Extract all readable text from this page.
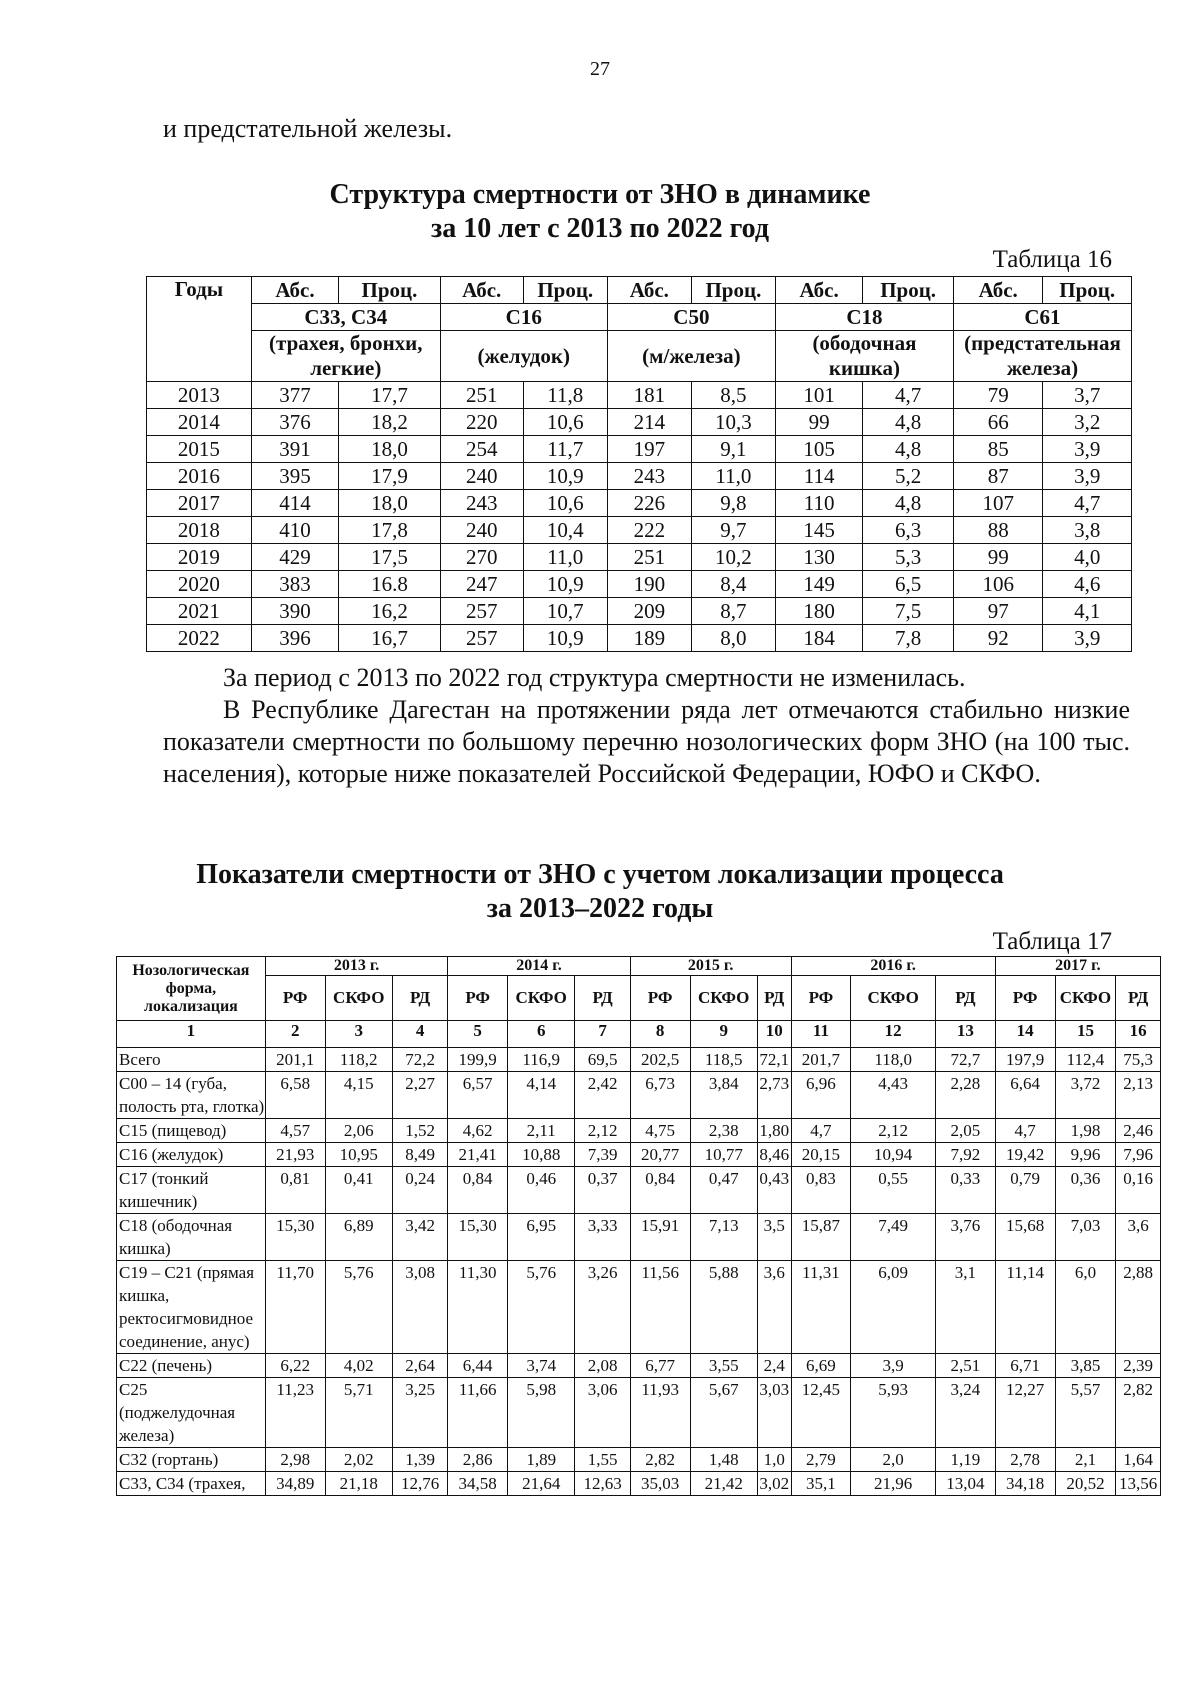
27
и предстательной железы.
Структура смертности от ЗНО в динамике
за 10 лет с 2013 по 2022 год
Таблица 16
Годы	Абс.	Проц.	Абс.	Проц.	Абс.	Проц.	Абс.	Проц.	Абс.	Проц.
	С33, С34		С16		С50		С18		С61	
	(трахея, бронхи, легкие)		(желудок)		(м/железа)		(ободочная кишка)		(предстательная железа)	
2013	377	17,7	251	11,8	181	8,5	101	4,7	79	3,7
2014	376	18,2	220	10,6	214	10,3	99	4,8	66	3,2
2015	391	18,0	254	11,7	197	9,1	105	4,8	85	3,9
2016	395	17,9	240	10,9	243	11,0	114	5,2	87	3,9
2017	414	18,0	243	10,6	226	9,8	110	4,8	107	4,7
2018	410	17,8	240	10,4	222	9,7	145	6,3	88	3,8
2019	429	17,5	270	11,0	251	10,2	130	5,3	99	4,0
2020	383	16.8	247	10,9	190	8,4	149	6,5	106	4,6
2021	390	16,2	257	10,7	209	8,7	180	7,5	97	4,1
2022	396	16,7	257	10,9	189	8,0	184	7,8	92	3,9

За период с 2013 по 2022 год структура смертности не изменилась.

В Республике Дагестан на протяжении ряда лет отмечаются стабильно низкие показатели смертности по большому перечню нозологических форм ЗНО (на 100 тыс. населения), которые ниже показателей Российской Федерации, ЮФО и СКФО.

Показатели смертности от ЗНО с учетом локализации процесса
за 2013–2022 годы
Таблица 17
Нозологическая форма, локализация	2013 г.			2014 г.			2015 г.			2016 г.			2017 г.		
	РФ	СКФО	РД	РФ	СКФО	РД	РФ	СКФО	РД	РФ	СКФО	РД	РФ	СКФО	РД
1	2	3	4	5	6	7	8	9	10	11	12	13	14	15	16
Всего	201,1	118,2	72,2	199,9	116,9	69,5	202,5	118,5	72,1	201,7	118,0	72,7	197,9	112,4	75,3
С00 – 14 (губа, полость рта, глотка)	6,58	4,15	2,27	6,57	4,14	2,42	6,73	3,84	2,73	6,96	4,43	2,28	6,64	3,72	2,13
С15 (пищевод)	4,57	2,06	1,52	4,62	2,11	2,12	4,75	2,38	1,80	4,7	2,12	2,05	4,7	1,98	2,46
С16 (желудок)	21,93	10,95	8,49	21,41	10,88	7,39	20,77	10,77	8,46	20,15	10,94	7,92	19,42	9,96	7,96
С17 (тонкий кишечник)	0,81	0,41	0,24	0,84	0,46	0,37	0,84	0,47	0,43	0,83	0,55	0,33	0,79	0,36	0,16
С18 (ободочная кишка)	15,30	6,89	3,42	15,30	6,95	3,33	15,91	7,13	3,5	15,87	7,49	3,76	15,68	7,03	3,6
С19 – С21 (прямая кишка, ректосигмовидное соединение, анус)	11,70	5,76	3,08	11,30	5,76	3,26	11,56	5,88	3,6	11,31	6,09	3,1	11,14	6,0	2,88
С22 (печень)	6,22	4,02	2,64	6,44	3,74	2,08	6,77	3,55	2,4	6,69	3,9	2,51	6,71	3,85	2,39
С25 (поджелудочная железа)	11,23	5,71	3,25	11,66	5,98	3,06	11,93	5,67	3,03	12,45	5,93	3,24	12,27	5,57	2,82
С32 (гортань)	2,98	2,02	1,39	2,86	1,89	1,55	2,82	1,48	1,0	2,79	2,0	1,19	2,78	2,1	1,64
С33, С34 (трахея,	34,89	21,18	12,76	34,58	21,64	12,63	35,03	21,42	3,02	35,1	21,96	13,04	34,18	20,52	13,56
